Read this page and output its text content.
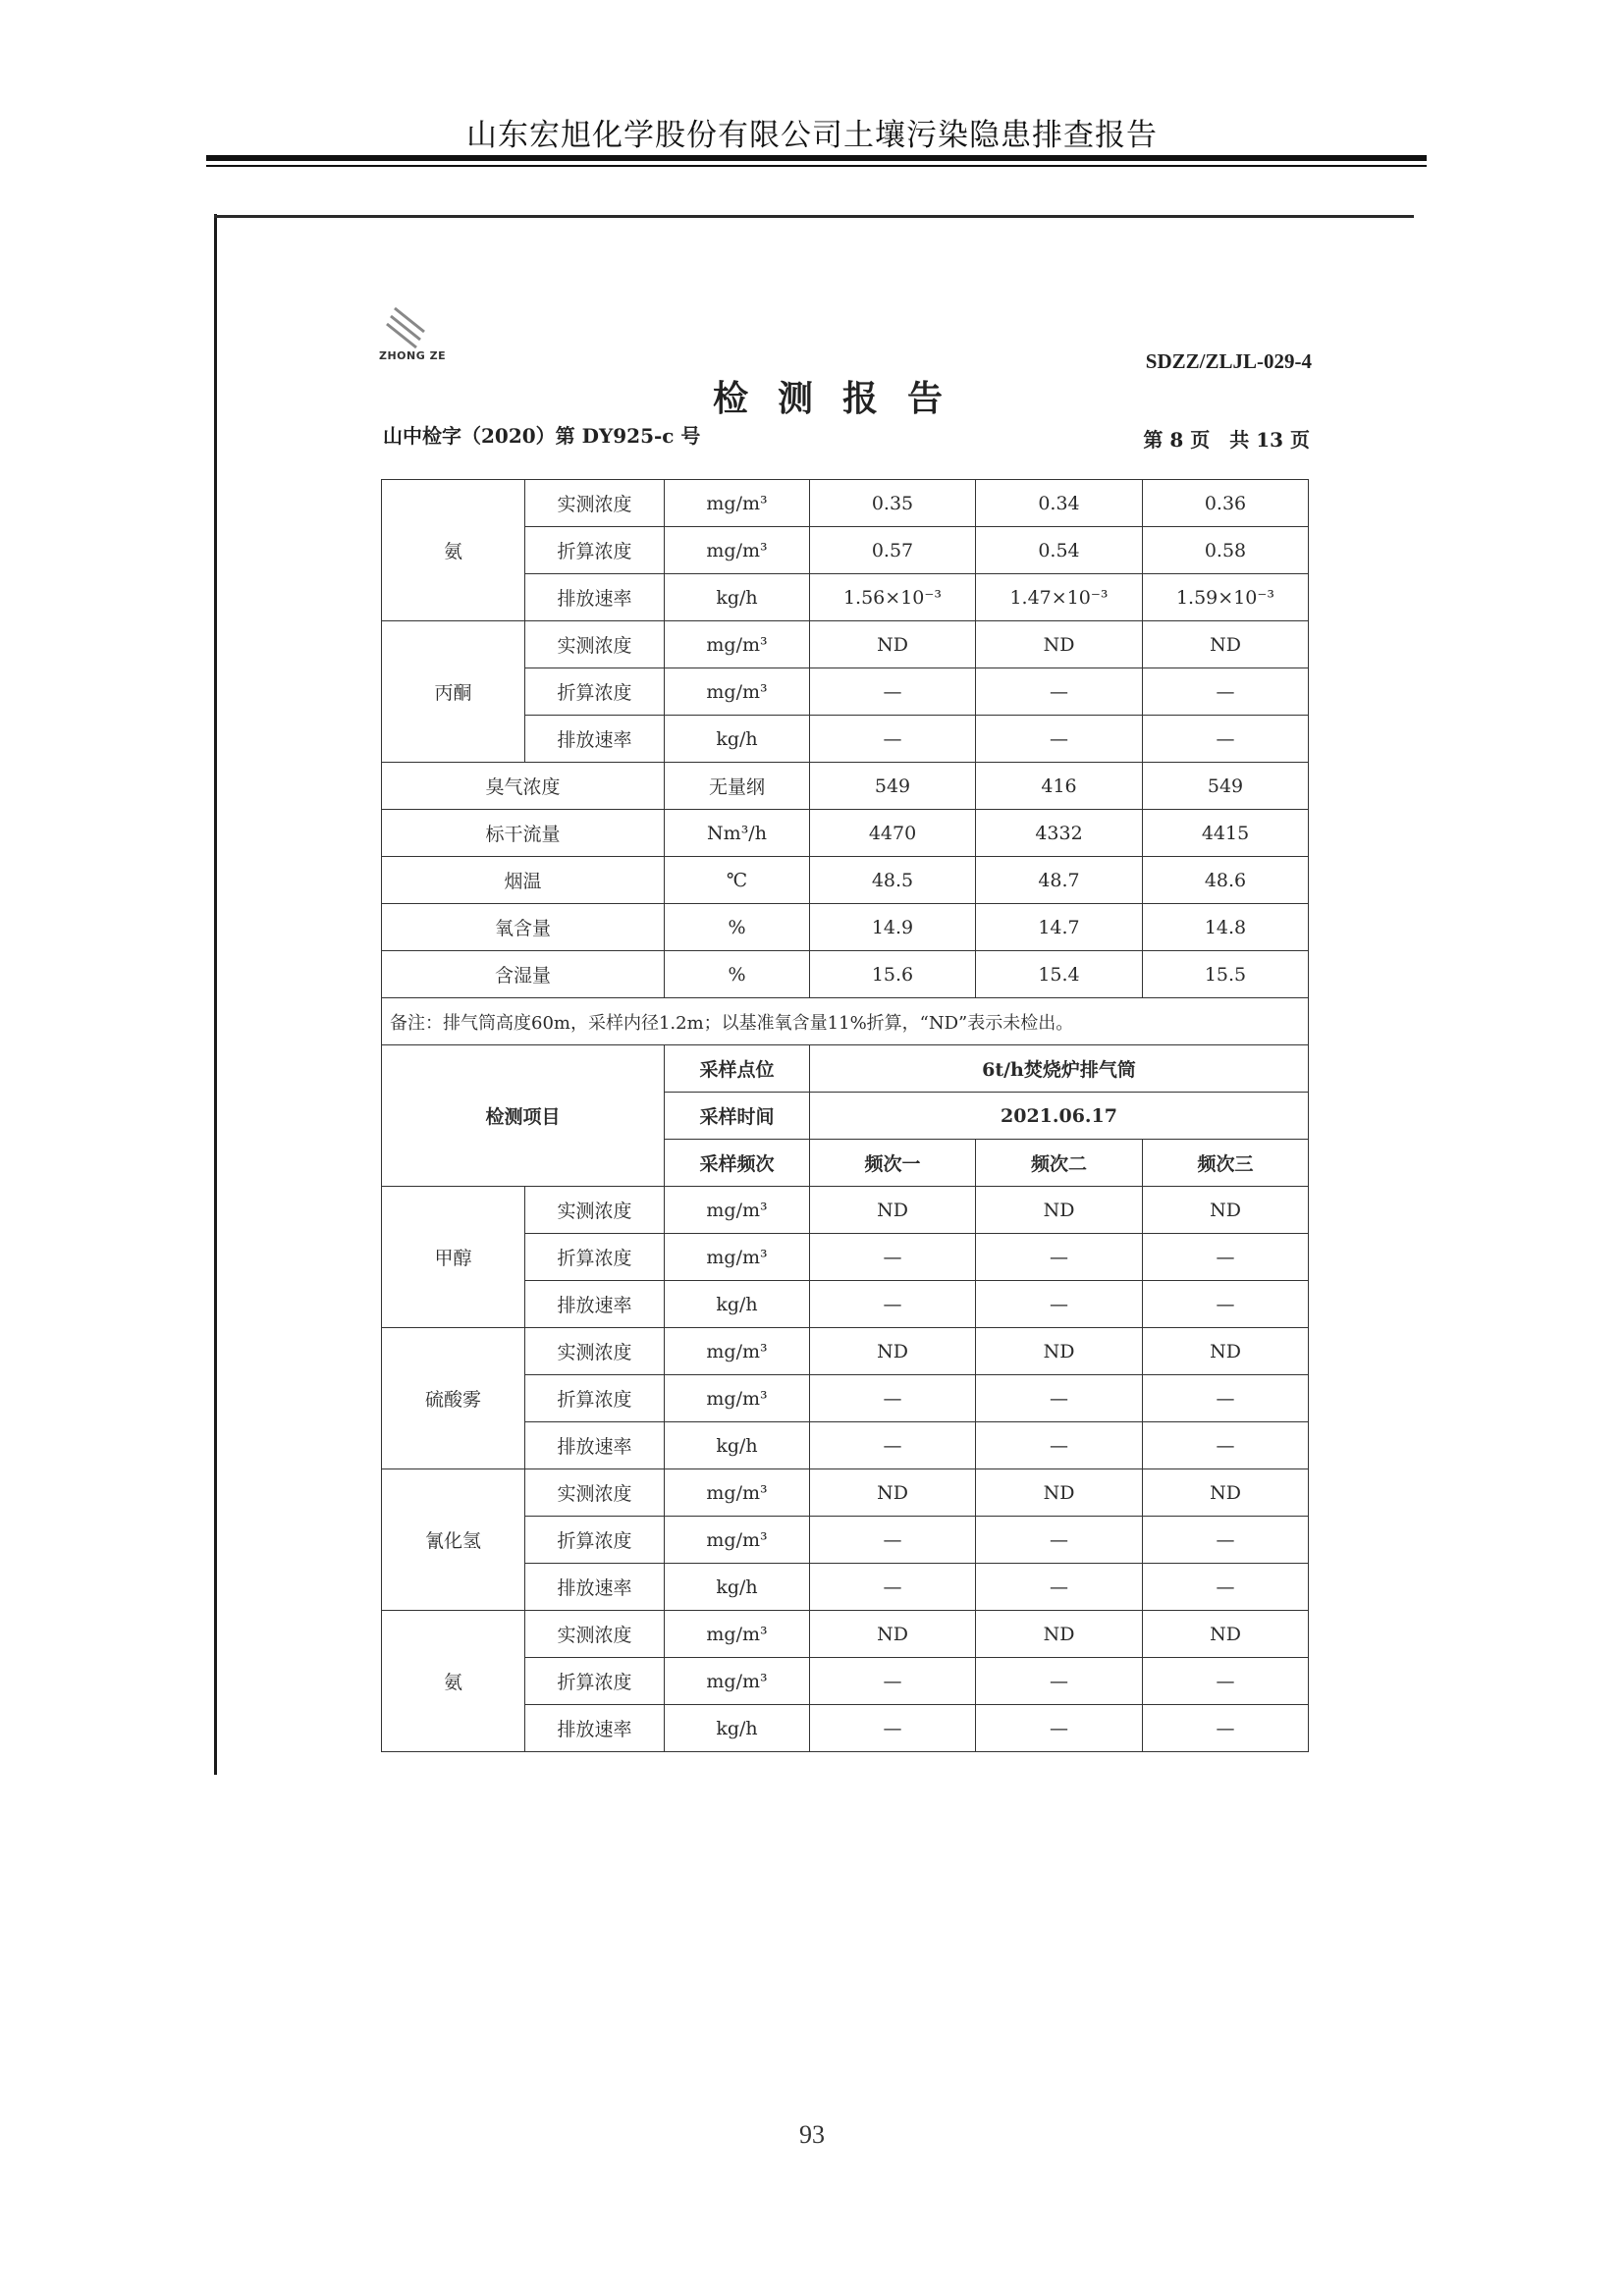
山东宏旭化学股份有限公司土壤污染隐患排查报告
ZHONG ZE	SDZZ/ZLJL-029-4
检测报告
山中检字（2020）第 DY925-c 号	第 8 页　共 13 页
氨	实测浓度	mg/m³	0.35	0.34	0.36
	折算浓度	mg/m³	0.57	0.54	0.58
	排放速率	kg/h	1.56×10⁻³	1.47×10⁻³	1.59×10⁻³
丙酮	实测浓度	mg/m³	ND	ND	ND
	折算浓度	mg/m³	—	—	—
	排放速率	kg/h	—	—	—
臭气浓度		无量纲	549	416	549
标干流量		Nm³/h	4470	4332	4415
烟温		℃	48.5	48.7	48.6
氧含量		%	14.9	14.7	14.8
含湿量		%	15.6	15.4	15.5
备注：排气筒高度60m，采样内径1.2m；以基准氧含量11%折算，“ND”表示未检出。					
检测项目		采样点位	6t/h焚烧炉排气筒		
		采样时间	2021.06.17		
		采样频次	频次一	频次二	频次三
甲醇	实测浓度	mg/m³	ND	ND	ND
	折算浓度	mg/m³	—	—	—
	排放速率	kg/h	—	—	—
硫酸雾	实测浓度	mg/m³	ND	ND	ND
	折算浓度	mg/m³	—	—	—
	排放速率	kg/h	—	—	—
氰化氢	实测浓度	mg/m³	ND	ND	ND
	折算浓度	mg/m³	—	—	—
	排放速率	kg/h	—	—	—
氨	实测浓度	mg/m³	ND	ND	ND
	折算浓度	mg/m³	—	—	—
	排放速率	kg/h	—	—	—
93
